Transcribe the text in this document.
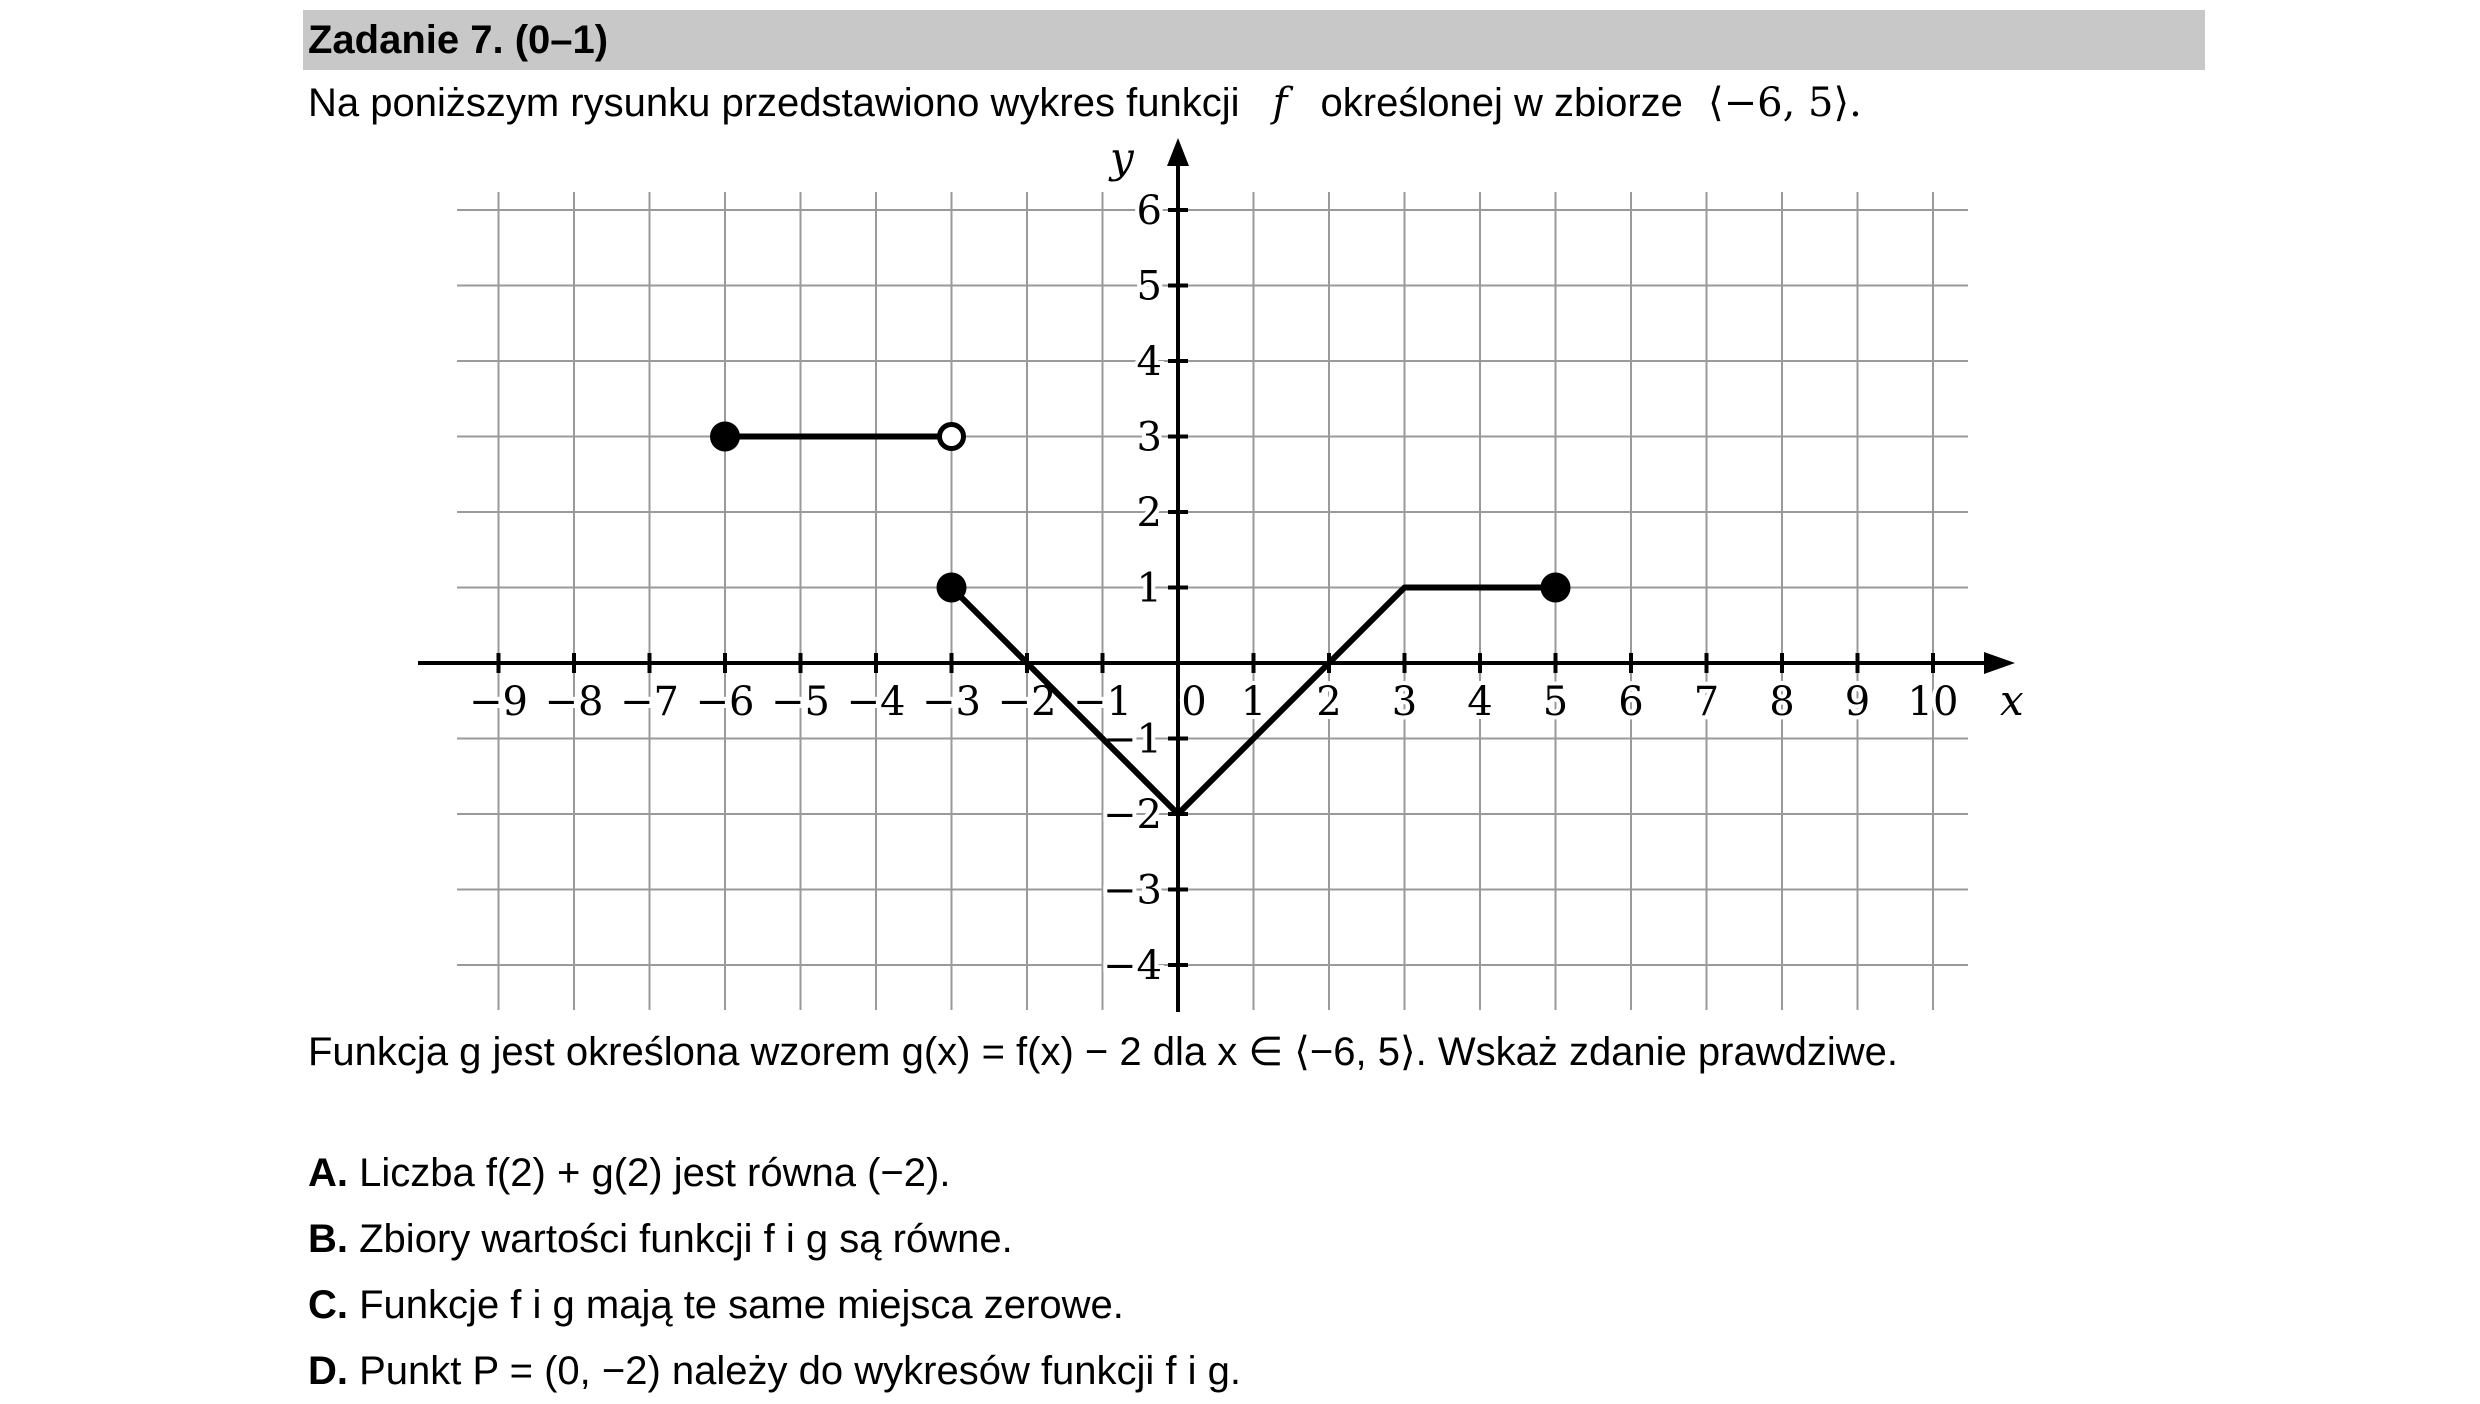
Zadanie 7. (0–1)
Na poniższym rysunku przedstawiono wykres funkcji f określonej w zbiorze ⟨−6, 5⟩.
−9 −8 −7 −6 −5 −4 −3 −2 −1 0 1 2 3 4 5 6 7 8 9 10
6
5
4
3
2
1
−1
−2
−3
−4
x
y
Funkcja g jest określona wzorem g(x) = f(x) − 2 dla x ∈ ⟨−6, 5⟩. Wskaż zdanie prawdziwe.
A. Liczba f(2) + g(2) jest równa (−2).
B. Zbiory wartości funkcji f i g są równe.
C. Funkcje f i g mają te same miejsca zerowe.
D. Punkt P = (0, −2) należy do wykresów funkcji f i g.
